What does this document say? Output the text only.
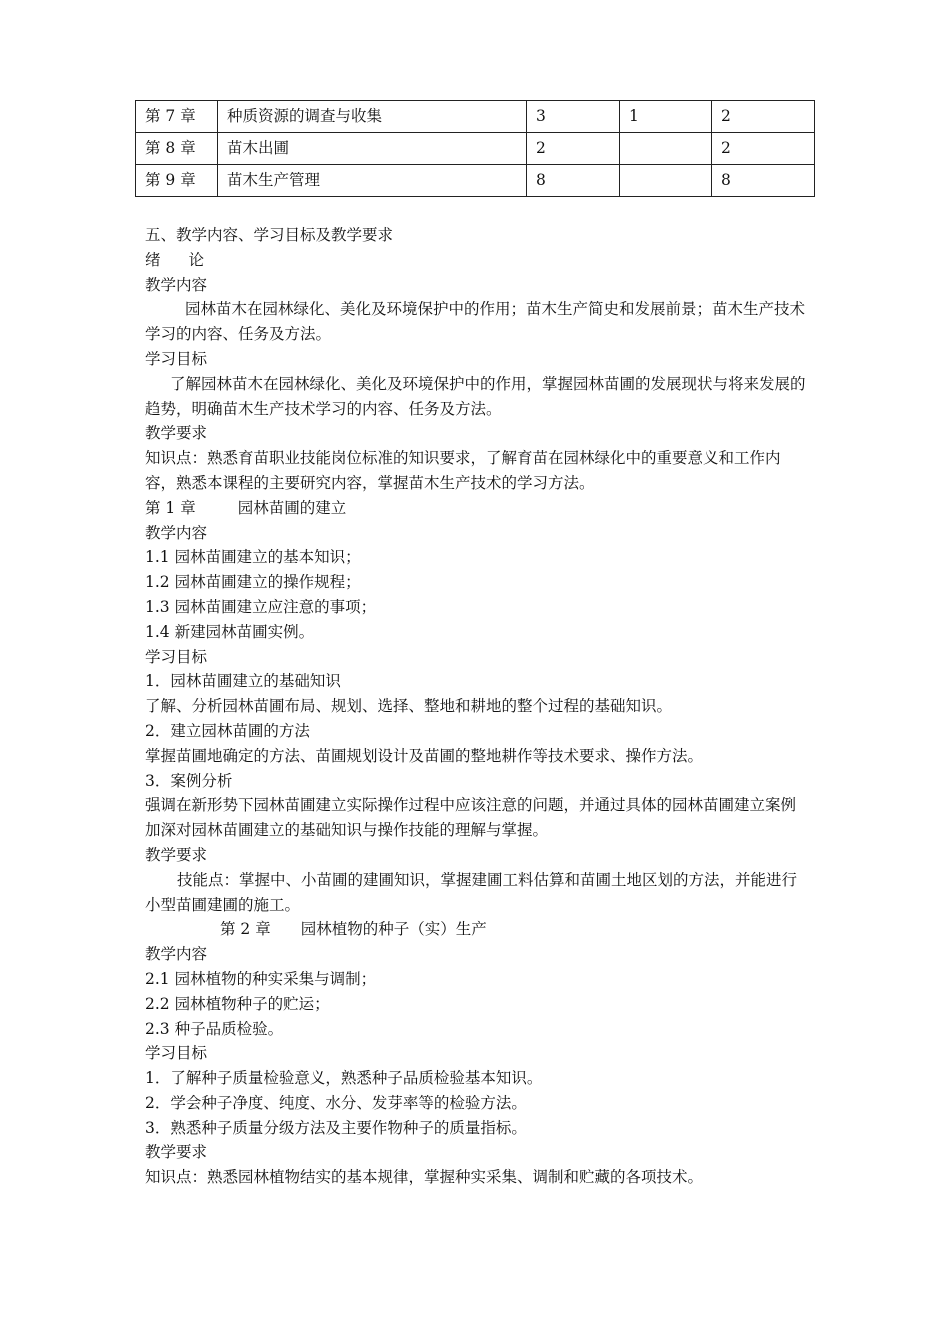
第 7 章	种质资源的调查与收集	3	1	2
第 8 章	苗木出圃	2		2
第 9 章	苗木生产管理	8		8

五、教学内容、学习目标及教学要求

绪 论

教学内容

园林苗木在园林绿化、美化及环境保护中的作用；苗木生产简史和发展前景；苗木生产技术学习的内容、任务及方法。

学习目标

了解园林苗木在园林绿化、美化及环境保护中的作用，掌握园林苗圃的发展现状与将来发展的趋势，明确苗木生产技术学习的内容、任务及方法。

教学要求

知识点：熟悉育苗职业技能岗位标准的知识要求，了解育苗在园林绿化中的重要意义和工作内容，熟悉本课程的主要研究内容，掌握苗木生产技术的学习方法。

第 1 章	园林苗圃的建立

教学内容

1.1 园林苗圃建立的基本知识；

1.2 园林苗圃建立的操作规程；

1.3 园林苗圃建立应注意的事项；

1.4 新建园林苗圃实例。

学习目标

1．园林苗圃建立的基础知识

了解、分析园林苗圃布局、规划、选择、整地和耕地的整个过程的基础知识。

2．建立园林苗圃的方法

掌握苗圃地确定的方法、苗圃规划设计及苗圃的整地耕作等技术要求、操作方法。

3．案例分析

强调在新形势下园林苗圃建立实际操作过程中应该注意的问题，并通过具体的园林苗圃建立案例加深对园林苗圃建立的基础知识与操作技能的理解与掌握。

教学要求

技能点：掌握中、小苗圃的建圃知识，掌握建圃工料估算和苗圃土地区划的方法，并能进行小型苗圃建圃的施工。

第 2 章 园林植物的种子（实）生产

教学内容

2.1 园林植物的种实采集与调制；

2.2 园林植物种子的贮运；

2.3 种子品质检验。

学习目标

1．了解种子质量检验意义，熟悉种子品质检验基本知识。

2．学会种子净度、纯度、水分、发芽率等的检验方法。

3．熟悉种子质量分级方法及主要作物种子的质量指标。

教学要求

知识点：熟悉园林植物结实的基本规律，掌握种实采集、调制和贮藏的各项技术。
